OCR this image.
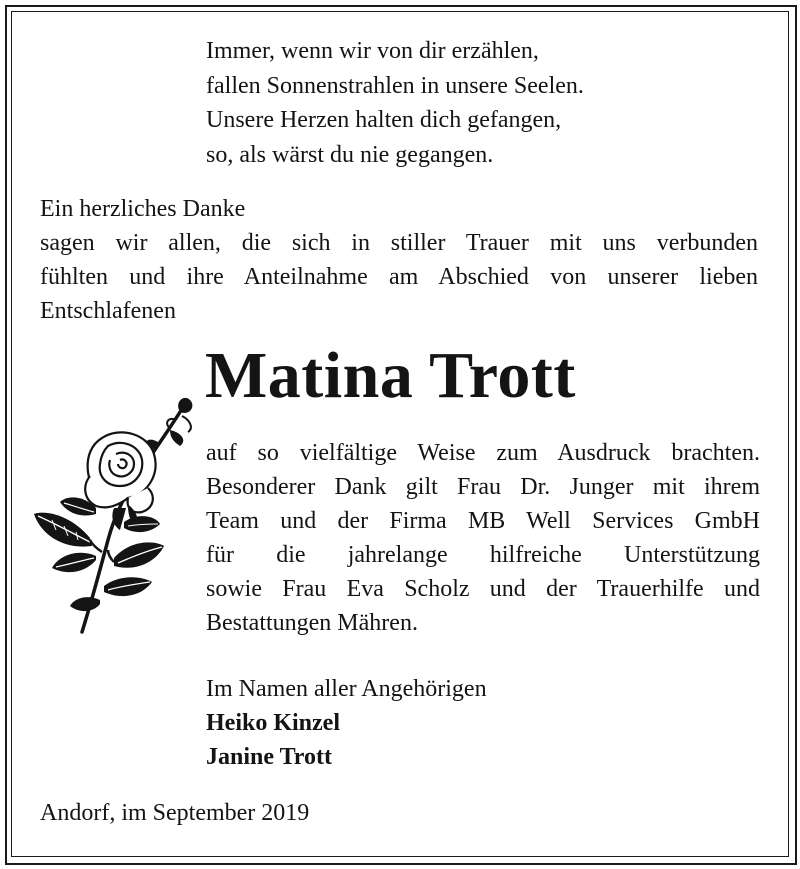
Immer, wenn wir von dir erzählen,
fallen Sonnenstrahlen in unsere Seelen.
Unsere Herzen halten dich gefangen,
so, als wärst du nie gegangen.
Ein herzliches Danke
sagen wir allen, die sich in stiller Trauer mit uns verbunden
fühlten und ihre Anteilnahme am Abschied von unserer lieben
Entschlafenen
Matina Trott
auf so vielfältige Weise zum Ausdruck brachten.
Besonderer Dank gilt Frau Dr. Junger mit ihrem
Team und der Firma MB Well Services GmbH
für die jahrelange hilfreiche Unterstützung
sowie Frau Eva Scholz und der Trauerhilfe und
Bestattungen Mähren.
Im Namen aller Angehörigen
Heiko Kinzel
Janine Trott
Andorf, im September 2019
